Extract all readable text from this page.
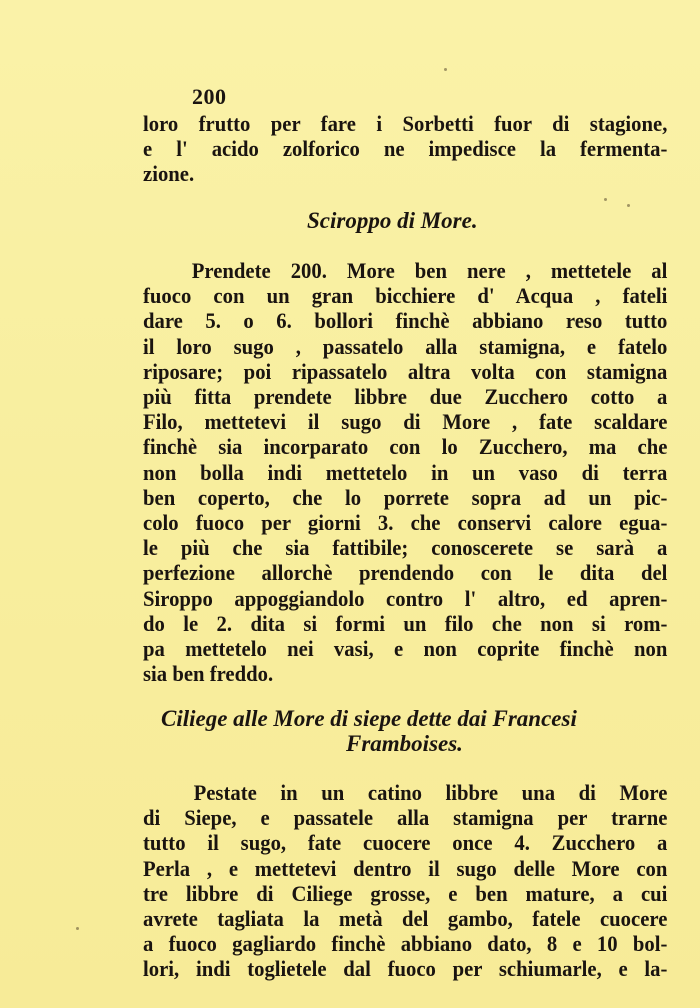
200
loro frutto per fare i Sorbetti fuor di stagione,
e l' acido zolforico ne impedisce la fermenta-
zione.
Sciroppo di More.
Prendete 200. More ben nere , mettetele al
fuoco con un gran bicchiere d' Acqua , fateli
dare 5. o 6. bollori finchè abbiano reso tutto
il loro sugo , passatelo alla stamigna, e fatelo
riposare; poi ripassatelo altra volta con stamigna
più fitta prendete libbre due Zucchero cotto a
Filo, mettetevi il sugo di More , fate scaldare
finchè sia incorparato con lo Zucchero, ma che
non bolla indi mettetelo in un vaso di terra
ben coperto, che lo porrete sopra ad un pic-
colo fuoco per giorni 3. che conservi calore egua-
le più che sia fattibile; conoscerete se sarà a
perfezione allorchè prendendo con le dita del
Siroppo appoggiandolo contro l' altro, ed apren-
do le 2. dita si formi un filo che non si rom-
pa mettetelo nei vasi, e non coprite finchè non
sia ben freddo.
Ciliege alle More di siepe dette dai Francesi
Framboises.
Pestate in un catino libbre una di More
di Siepe, e passatele alla stamigna per trarne
tutto il sugo, fate cuocere once 4. Zucchero a
Perla , e mettetevi dentro il sugo delle More con
tre libbre di Ciliege grosse, e ben mature, a cui
avrete tagliata la metà del gambo, fatele cuocere
a fuoco gagliardo finchè abbiano dato, 8 e 10 bol-
lori, indi toglietele dal fuoco per schiumarle, e la-
